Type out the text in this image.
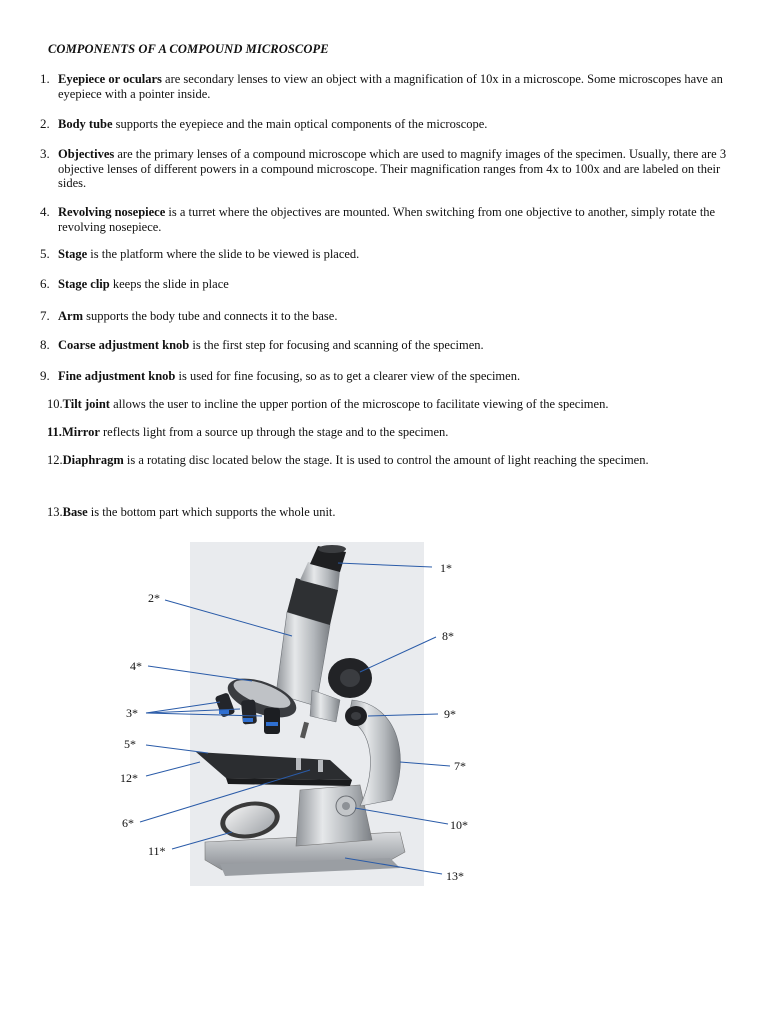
COMPONENTS OF A COMPOUND MICROSCOPE
1. Eyepiece or oculars are secondary lenses to view an object with a magnification of 10x in a microscope. Some microscopes have an eyepiece with a pointer inside.
2. Body tube supports the eyepiece and the main optical components of the microscope.
3. Objectives are the primary lenses of a compound microscope which are used to magnify images of the specimen. Usually, there are 3 objective lenses of different powers in a compound microscope. Their magnification ranges from 4x to 100x and are labeled on their sides.
4. Revolving nosepiece is a turret where the objectives are mounted. When switching from one objective to another, simply rotate the revolving nosepiece.
5. Stage is the platform where the slide to be viewed is placed.
6. Stage clip keeps the slide in place
7. Arm supports the body tube and connects it to the base.
8. Coarse adjustment knob is the first step for focusing and scanning of the specimen.
9. Fine adjustment knob is used for fine focusing, so as to get a clearer view of the specimen.
10.Tilt joint allows the user to incline the upper portion of the microscope to facilitate viewing of the specimen.
11.Mirror reflects light from a source up through the stage and to the specimen.
12.Diaphragm is a rotating disc located below the stage. It is used to control the amount of light reaching the specimen.
13.Base is the bottom part which supports the whole unit.
1*
2*
8*
4*
3*	9*
5*
7*
12*
6*	10*
11*
13*
